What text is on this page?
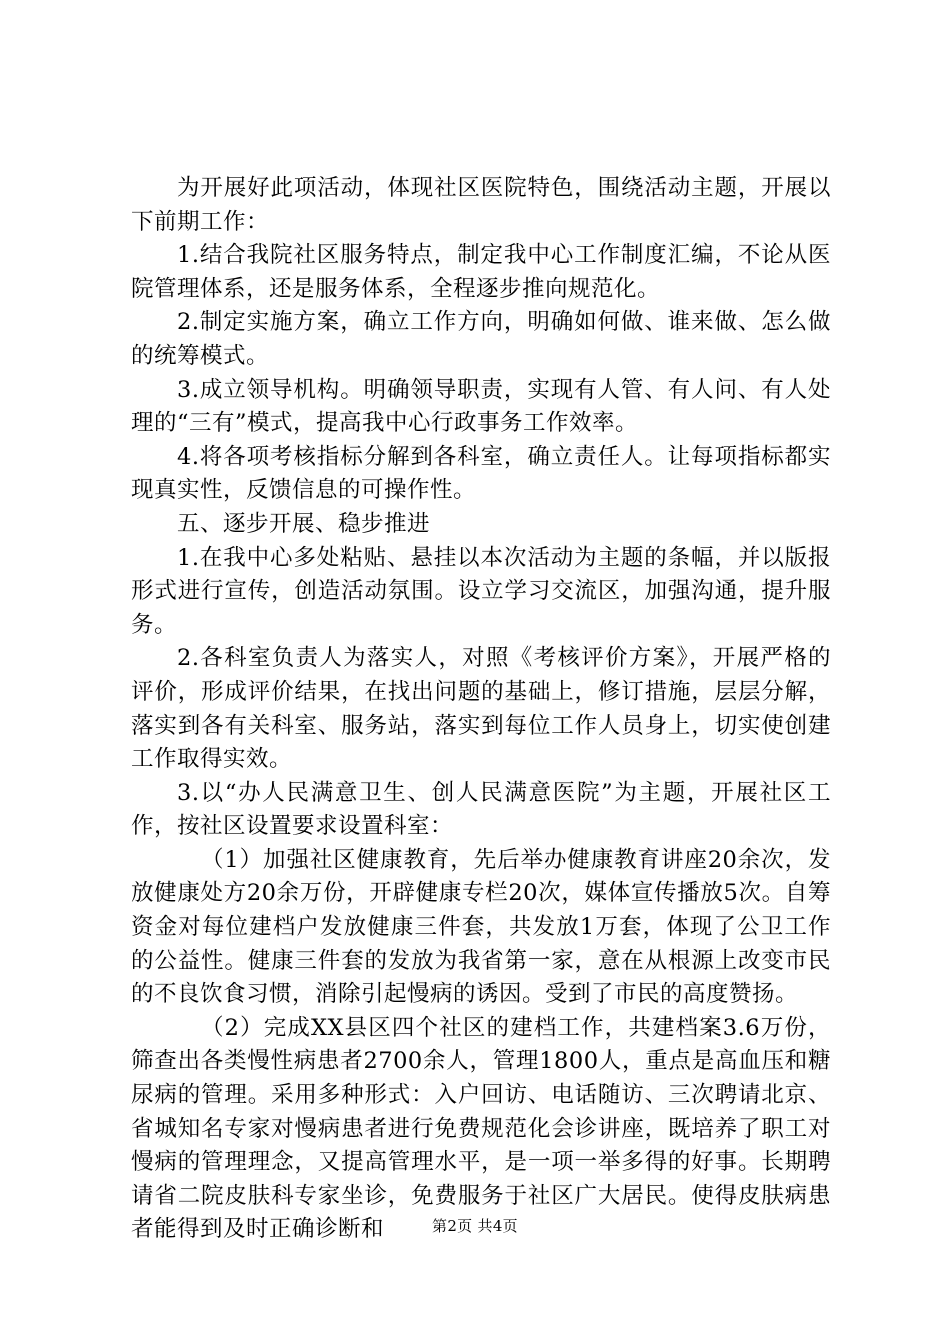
为开展好此项活动，体现社区医院特色，围绕活动主题，开展以下前期工作：

1.结合我院社区服务特点，制定我中心工作制度汇编，不论从医院管理体系，还是服务体系，全程逐步推向规范化。

2.制定实施方案，确立工作方向，明确如何做、谁来做、怎么做的统筹模式。

3.成立领导机构。明确领导职责，实现有人管、有人问、有人处理的“三有”模式，提高我中心行政事务工作效率。

4.将各项考核指标分解到各科室，确立责任人。让每项指标都实现真实性，反馈信息的可操作性。

五、逐步开展、稳步推进

1.在我中心多处粘贴、悬挂以本次活动为主题的条幅，并以版报形式进行宣传，创造活动氛围。设立学习交流区，加强沟通，提升服务。

2.各科室负责人为落实人，对照《考核评价方案》，开展严格的评价，形成评价结果，在找出问题的基础上，修订措施，层层分解，落实到各有关科室、服务站，落实到每位工作人员身上，切实使创建工作取得实效。

3.以“办人民满意卫生、创人民满意医院”为主题，开展社区工作，按社区设置要求设置科室：

（1）加强社区健康教育，先后举办健康教育讲座20余次，发放健康处方20余万份，开辟健康专栏20次，媒体宣传播放5次。自筹资金对每位建档户发放健康三件套，共发放1万套，体现了公卫工作的公益性。健康三件套的发放为我省第一家，意在从根源上改变市民的不良饮食习惯，消除引起慢病的诱因。受到了市民的高度赞扬。

（2）完成XX县区四个社区的建档工作，共建档案3.6万份，筛查出各类慢性病患者2700余人，管理1800人，重点是高血压和糖尿病的管理。采用多种形式：入户回访、电话随访、三次聘请北京、省城知名专家对慢病患者进行免费规范化会诊讲座，既培养了职工对慢病的管理理念，又提高管理水平，是一项一举多得的好事。长期聘请省二院皮肤科专家坐诊，免费服务于社区广大居民。使得皮肤病患者能得到及时正确诊断和	第2页 共4页
